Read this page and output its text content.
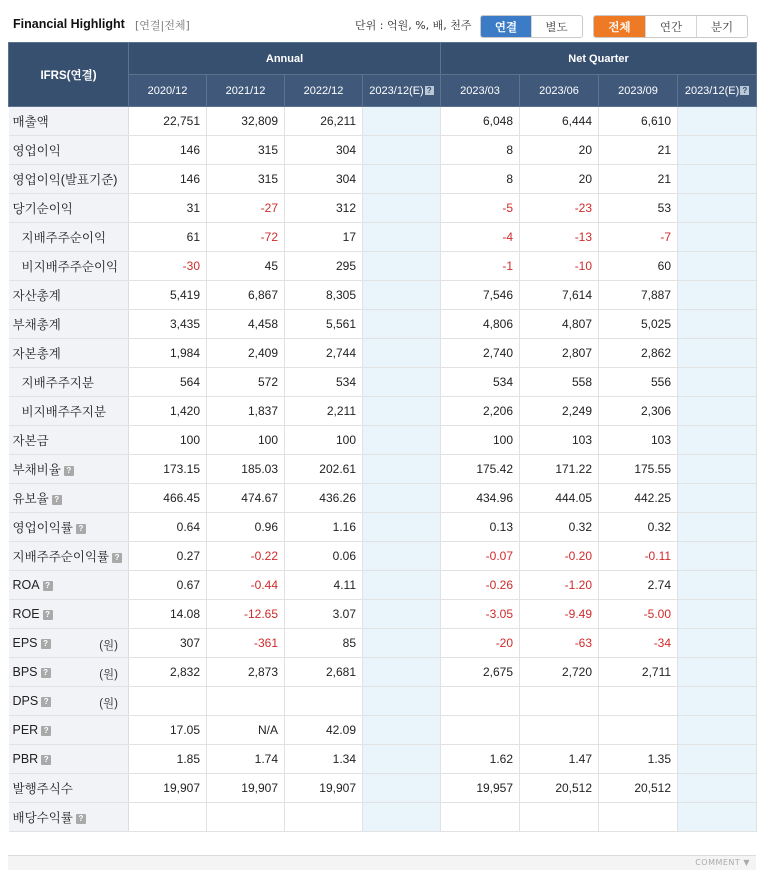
Financial Highlight [연결|전체]	단위 : 억원, %, 배, 천주	연결	별도	전체	연간	분기
IFRS(연결)	Annual				Net Quarter			
	2020/12	2021/12	2022/12	2023/12(E) ?	2023/03	2023/06	2023/09	2023/12(E) ?
매출액	22,751	32,809	26,211		6,048	6,444	6,610	
영업이익	146	315	304		8	20	21	
영업이익(발표기준)	146	315	304		8	20	21	
당기순이익	31	-27	312		-5	-23	53	
지배주주순이익	61	-72	17		-4	-13	-7	
비지배주주순이익	-30	45	295		-1	-10	60	
자산총계	5,419	6,867	8,305		7,546	7,614	7,887	
부채총계	3,435	4,458	5,561		4,806	4,807	5,025	
자본총계	1,984	2,409	2,744		2,740	2,807	2,862	
지배주주지분	564	572	534		534	558	556	
비지배주주지분	1,420	1,837	2,211		2,206	2,249	2,306	
자본금	100	100	100		100	103	103	
부채비율 ?	173.15	185.03	202.61		175.42	171.22	175.55	
유보율 ?	466.45	474.67	436.26		434.96	444.05	442.25	
영업이익률 ?	0.64	0.96	1.16		0.13	0.32	0.32	
지배주주순이익률 ?	0.27	-0.22	0.06		-0.07	-0.20	-0.11	
ROA ?	0.67	-0.44	4.11		-0.26	-1.20	2.74	
ROE ?	14.08	-12.65	3.07		-3.05	-9.49	-5.00	
EPS ? (원)	307	-361	85		-20	-63	-34	
BPS ? (원)	2,832	2,873	2,681		2,675	2,720	2,711	
DPS ? (원)								

PER ?	17.05	N/A	42.09					
PBR ?	1.85	1.74	1.34		1.62	1.47	1.35	
발행주식수	19,907	19,907	19,907		19,957	20,512	20,512	
배당수익률 ?								
COMMENT ▼
